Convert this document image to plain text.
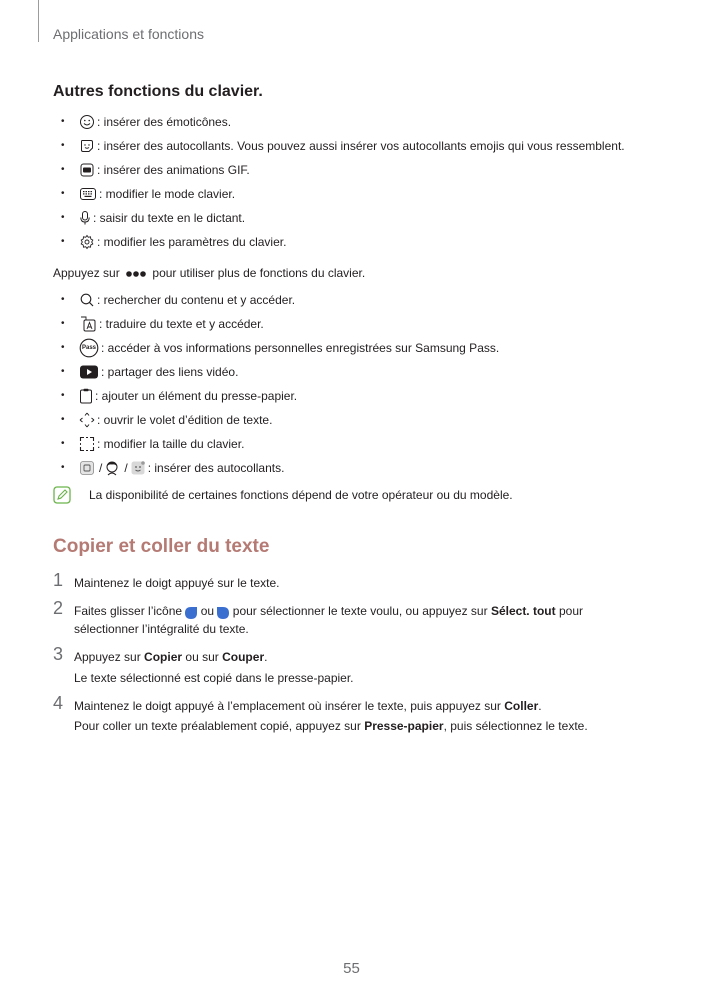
Applications et fonctions
Autres fonctions du clavier.
•	: insérer des émoticônes.
•	: insérer des autocollants. Vous pouvez aussi insérer vos autocollants emojis qui vous ressemblent.
•	: insérer des animations GIF.
•	: modifier le mode clavier.
• : saisir du texte en le dictant.
•	: modifier les paramètres du clavier.
Appuyez sur	pour utiliser plus de fonctions du clavier.
•	: rechercher du contenu et y accéder.
•	: traduire du texte et y accéder.
•	Pass : accéder à vos informations personnelles enregistrées sur Samsung Pass.
•	: partager des liens vidéo.
•	: ajouter un élément du presse-papier.
•	: ouvrir le volet d’édition de texte.
•	: modifier la taille du clavier.
•	/ / : insérer des autocollants.
La disponibilité de certaines fonctions dépend de votre opérateur ou du modèle.
Copier et coller du texte
1 Maintenez le doigt appuyé sur le texte.
2 Faites glisser l’icône ou pour sélectionner le texte voulu, ou appuyez sur Sélect. tout pour
sélectionner l’intégralité du texte.
3 Appuyez sur Copier ou sur Couper.
Le texte sélectionné est copié dans le presse-papier.
4 Maintenez le doigt appuyé à l’emplacement où insérer le texte, puis appuyez sur Coller.
Pour coller un texte préalablement copié, appuyez sur Presse-papier, puis sélectionnez le texte.
55
